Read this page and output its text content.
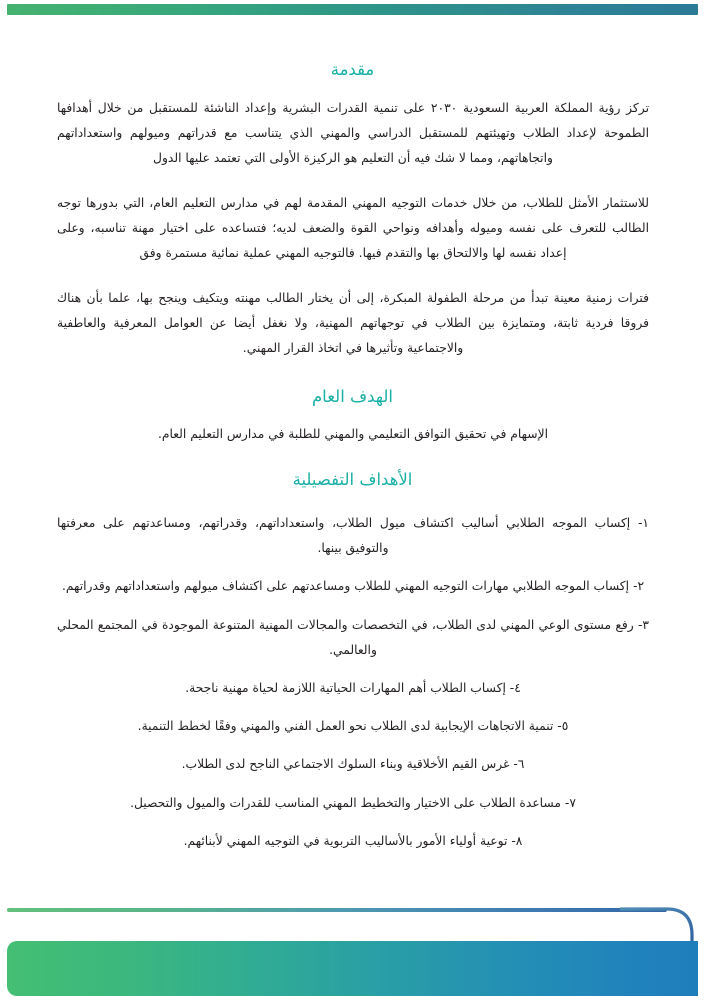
مقدمة

تركز رؤية المملكة العربية السعودية ٢٠٣٠ على تنمية القدرات البشرية وإعداد الناشئة للمستقبل من خلال أهدافها الطموحة لإعداد الطلاب وتهيئتهم للمستقبل الدراسي والمهني الذي يتناسب مع قدراتهم وميولهم واستعداداتهم واتجاهاتهم، ومما لا شك فيه أن التعليم هو الركيزة الأولى التي تعتمد عليها الدول

للاستثمار الأمثل للطلاب، من خلال خدمات التوجيه المهني المقدمة لهم في مدارس التعليم العام، التي بدورها توجه الطالب للتعرف على نفسه وميوله وأهدافه ونواحي القوة والضعف لديه؛ فتساعده على اختيار مهنة تناسبه، وعلى إعداد نفسه لها والالتحاق بها والتقدم فيها. فالتوجيه المهني عملية نمائية مستمرة وفق

فترات زمنية معينة تبدأ من مرحلة الطفولة المبكرة، إلى أن يختار الطالب مهنته ويتكيف وينجح بها، علما بأن هناك فروقا فردية ثابتة، ومتمايزة بين الطلاب في توجهاتهم المهنية، ولا نغفل أيضا عن العوامل المعرفية والعاطفية والاجتماعية وتأثيرها في اتخاذ القرار المهني.

الهدف العام

الإسهام في تحقيق التوافق التعليمي والمهني للطلبة في مدارس التعليم العام.

الأهداف التفصيلية

١- إكساب الموجه الطلابي أساليب اكتشاف ميول الطلاب، واستعداداتهم، وقدراتهم، ومساعدتهم على معرفتها والتوفيق بينها.

٢- إكساب الموجه الطلابي مهارات التوجيه المهني للطلاب ومساعدتهم على اكتشاف ميولهم واستعداداتهم وقدراتهم.

٣- رفع مستوى الوعي المهني لدى الطلاب، في التخصصات والمجالات المهنية المتنوعة الموجودة في المجتمع المحلي والعالمي.

٤- إكساب الطلاب أهم المهارات الحياتية اللازمة لحياة مهنية ناجحة.

٥- تنمية الاتجاهات الإيجابية لدى الطلاب نحو العمل الفني والمهني وفقًا لخطط التنمية.

٦- غرس القيم الأخلاقية وبناء السلوك الاجتماعي الناجح لدى الطلاب.

٧- مساعدة الطلاب على الاختيار والتخطيط المهني المناسب للقدرات والميول والتحصيل.

٨- توعية أولياء الأمور بالأساليب التربوية في التوجيه المهني لأبنائهم.
